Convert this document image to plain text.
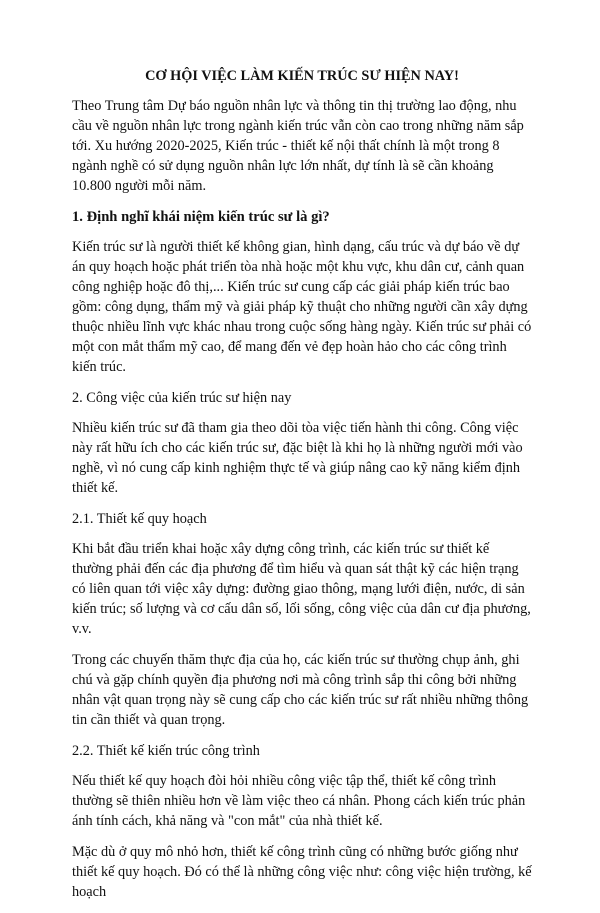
CƠ HỘI VIỆC LÀM KIẾN TRÚC SƯ HIỆN NAY!

Theo Trung tâm Dự báo nguồn nhân lực và thông tin thị trường lao động, nhu cầu về nguồn nhân lực trong ngành kiến trúc vẫn còn cao trong những năm sắp tới. Xu hướng 2020-2025, Kiến trúc - thiết kế nội thất chính là một trong 8 ngành nghề có sử dụng nguồn nhân lực lớn nhất, dự tính là sẽ cần khoảng 10.800 người mỗi năm.

1. Định nghĩ khái niệm kiến trúc sư là gì?

Kiến trúc sư là người thiết kế không gian, hình dạng, cấu trúc và dự báo về dự án quy hoạch hoặc phát triển tòa nhà hoặc một khu vực, khu dân cư, cảnh quan công nghiệp hoặc đô thị,... Kiến trúc sư cung cấp các giải pháp kiến trúc bao gồm: công dụng, thẩm mỹ và giải pháp kỹ thuật cho những người cần xây dựng thuộc nhiều lĩnh vực khác nhau trong cuộc sống hàng ngày. Kiến trúc sư phải có một con mắt thẩm mỹ cao, để mang đến vẻ đẹp hoàn hảo cho các công trình kiến trúc.

2. Công việc của kiến trúc sư hiện nay

Nhiều kiến trúc sư đã tham gia theo dõi tòa việc tiến hành thi công. Công việc này rất hữu ích cho các kiến trúc sư, đặc biệt là khi họ là những người mới vào nghề, vì nó cung cấp kinh nghiệm thực tế và giúp nâng cao kỹ năng kiểm định thiết kế.

2.1. Thiết kế quy hoạch

Khi bắt đầu triển khai hoặc xây dựng công trình, các kiến trúc sư thiết kế thường phải đến các địa phương để tìm hiểu và quan sát thật kỹ các hiện trạng có liên quan tới việc xây dựng: đường giao thông, mạng lưới điện, nước, di sản kiến trúc; số lượng và cơ cấu dân số, lối sống, công việc của dân cư địa phương, v.v.

Trong các chuyến thăm thực địa của họ, các kiến trúc sư thường chụp ảnh, ghi chú và gặp chính quyền địa phương nơi mà công trình sắp thi công bởi những nhân vật quan trọng này sẽ cung cấp cho các kiến trúc sư rất nhiều những thông tin cần thiết và quan trọng.

2.2. Thiết kế kiến trúc công trình

Nếu thiết kế quy hoạch đòi hỏi nhiều công việc tập thể, thiết kế công trình thường sẽ thiên nhiều hơn về làm việc theo cá nhân. Phong cách kiến trúc phản ánh tính cách, khả năng và "con mắt" của nhà thiết kế.

Mặc dù ở quy mô nhỏ hơn, thiết kế công trình cũng có những bước giống như thiết kế quy hoạch. Đó có thể là những công việc như: công việc hiện trường, kế hoạch
